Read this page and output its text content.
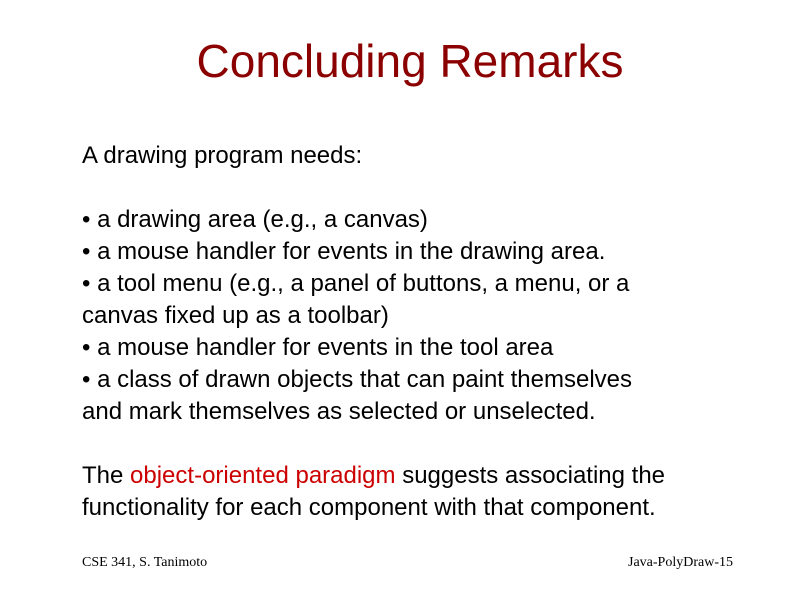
Concluding Remarks

A drawing program needs:

• a drawing area (e.g., a canvas)
• a mouse handler for events in the drawing area.
• a tool menu (e.g., a panel of buttons, a menu, or a
canvas fixed up as a toolbar)
• a mouse handler for events in the tool area
• a class of drawn objects that can paint themselves
and mark themselves as selected or unselected.

The object-oriented paradigm suggests associating the
functionality for each component with that component.

CSE 341, S. Tanimoto	Java-PolyDraw-15
